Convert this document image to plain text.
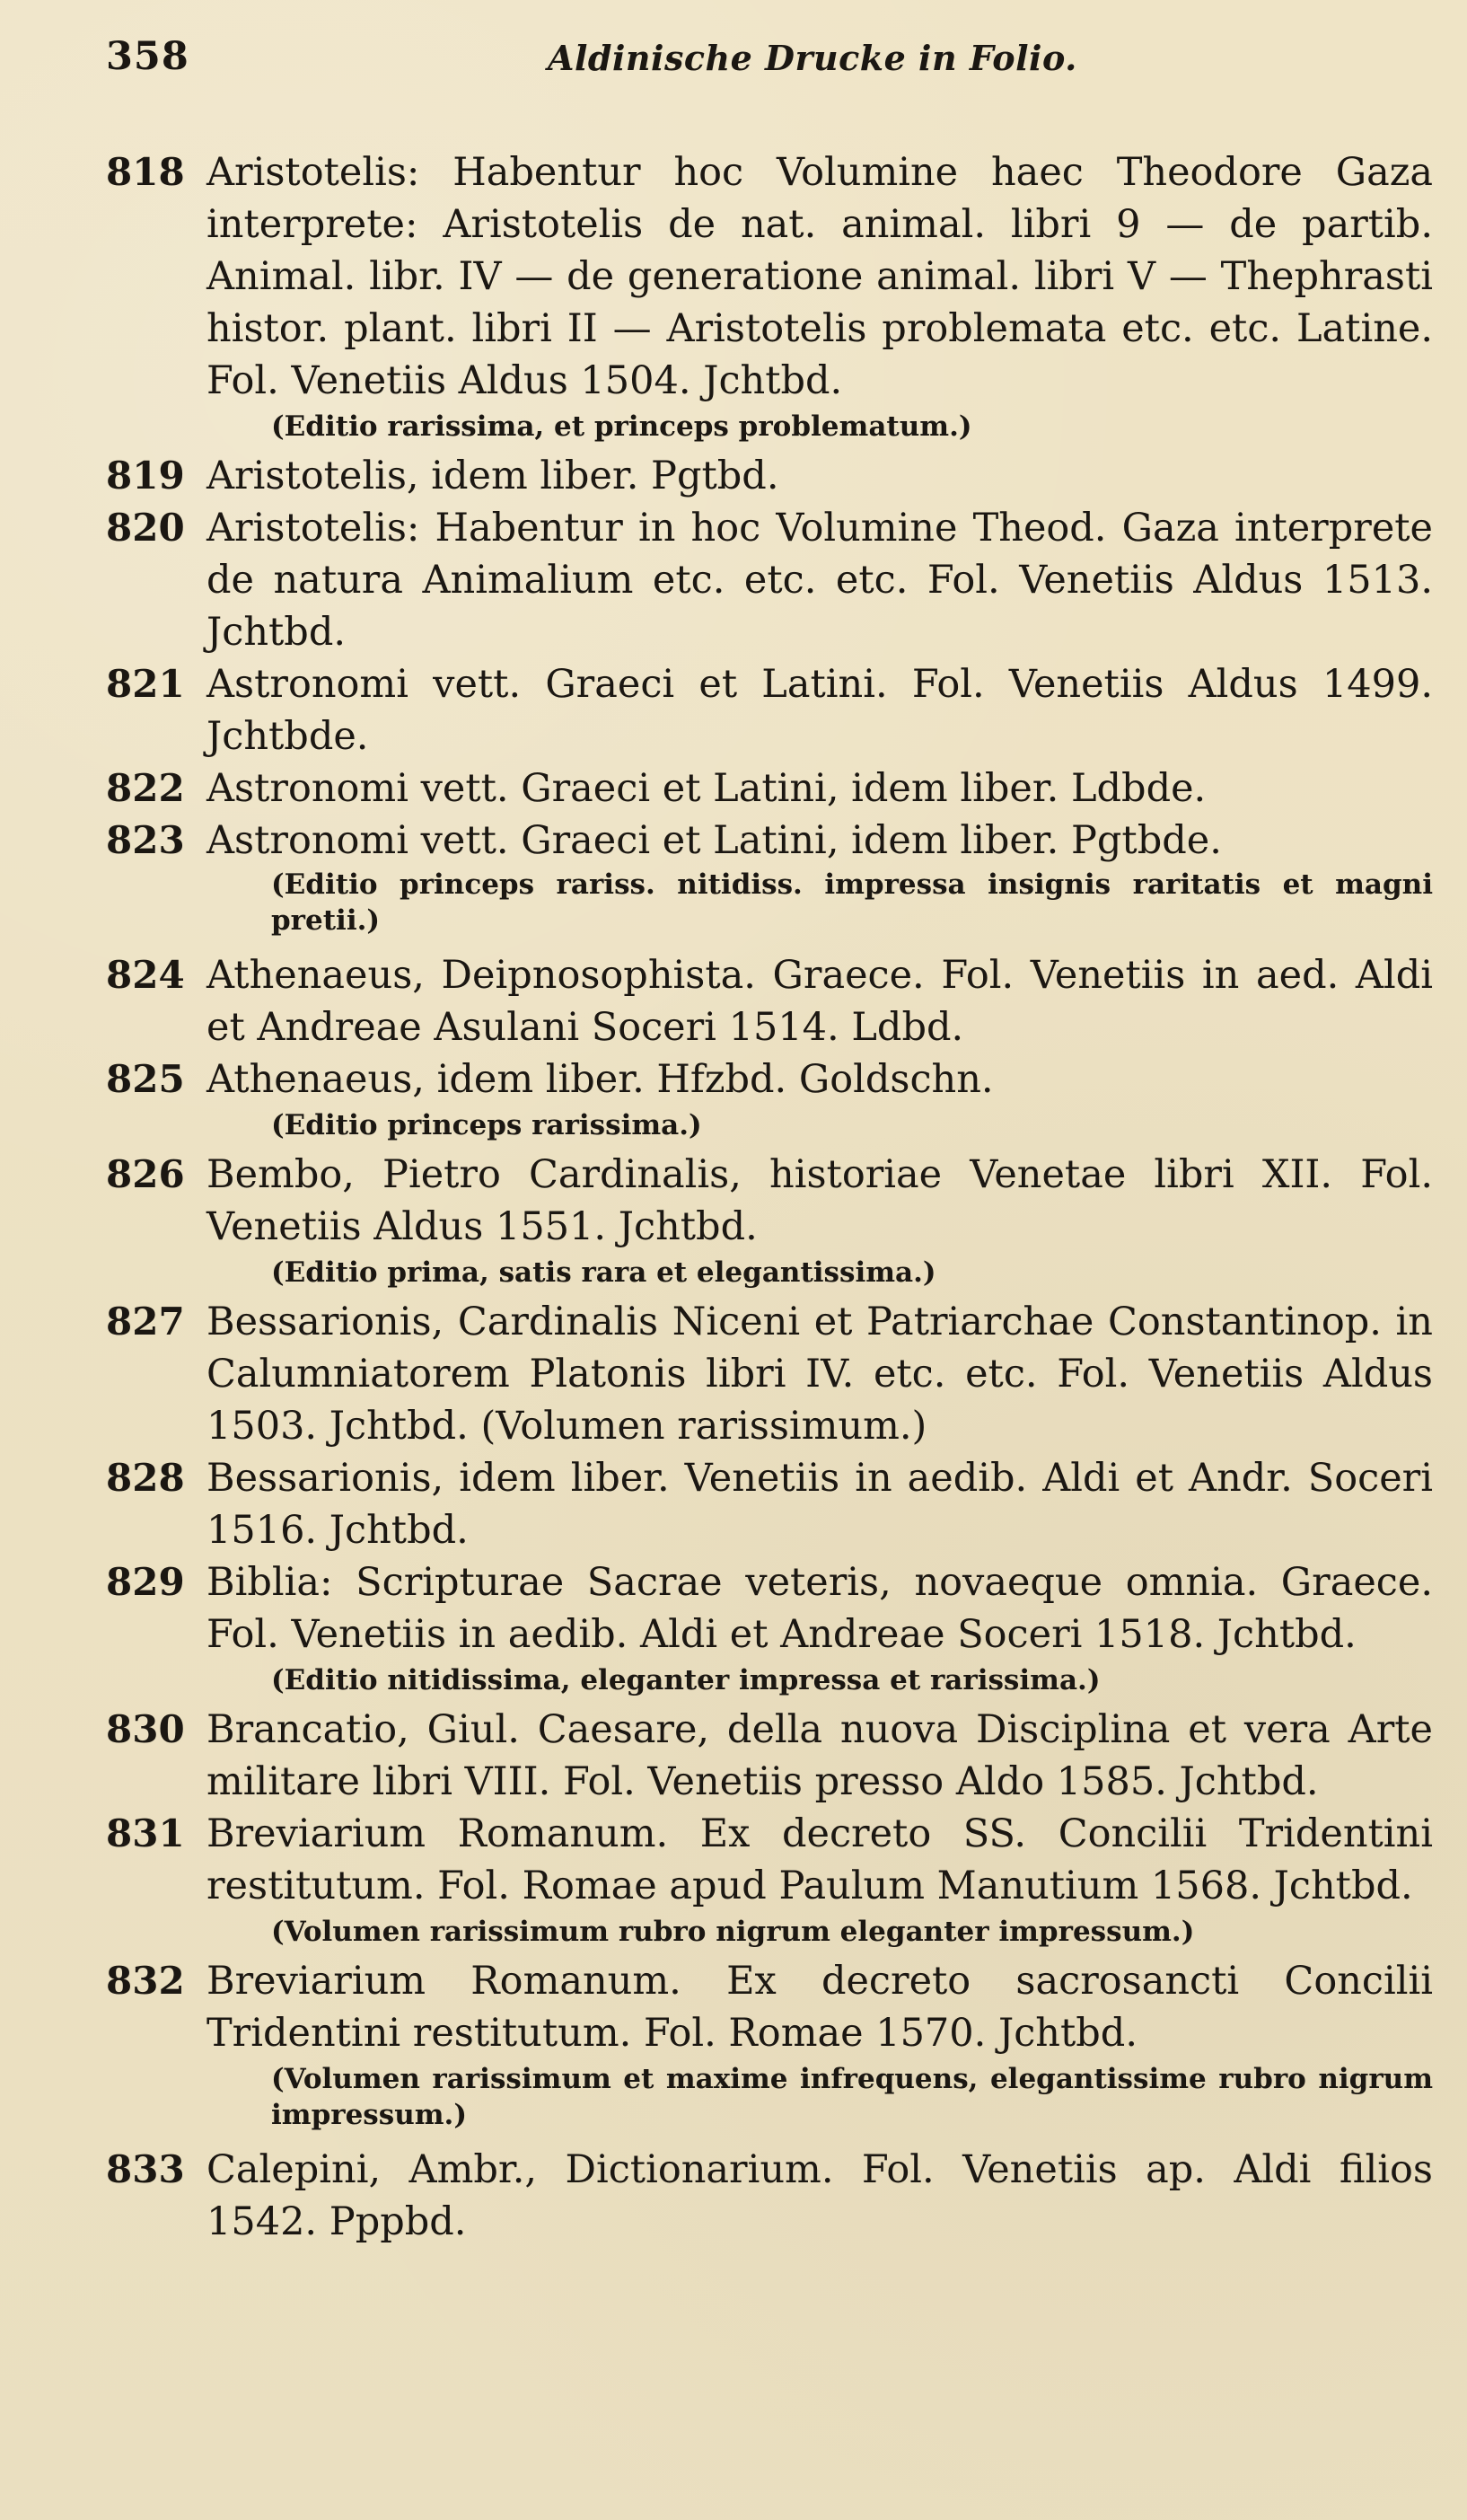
358	Aldinische Drucke in Folio.
818 Aristotelis: Habentur hoc Volumine haec Theodore Gaza interprete: Aristotelis de nat. animal. libri 9 — de partib. Animal. libr. IV — de generatione animal. libri V — Thephrasti histor. plant. libri II — Aristotelis problemata etc. etc. Latine. Fol. Venetiis Aldus 1504. Jchtbd.
(Editio rarissima, et princeps problematum.)
819 Aristotelis, idem liber. Pgtbd.
820 Aristotelis: Habentur in hoc Volumine Theod. Gaza interprete de natura Animalium etc. etc. etc. Fol. Venetiis Aldus 1513. Jchtbd.
821 Astronomi vett. Graeci et Latini. Fol. Venetiis Aldus 1499. Jchtbde.
822 Astronomi vett. Graeci et Latini, idem liber. Ldbde.
823 Astronomi vett. Graeci et Latini, idem liber. Pgtbde.
(Editio princeps rariss. nitidiss. impressa insignis raritatis et magni pretii.)
824 Athenaeus, Deipnosophista. Graece. Fol. Venetiis in aed. Aldi et Andreae Asulani Soceri 1514. Ldbd.
825 Athenaeus, idem liber. Hfzbd. Goldschn.
(Editio princeps rarissima.)
826 Bembo, Pietro Cardinalis, historiae Venetae libri XII. Fol. Venetiis Aldus 1551. Jchtbd.
(Editio prima, satis rara et elegantissima.)
827 Bessarionis, Cardinalis Niceni et Patriarchae Constantinop. in Calumniatorem Platonis libri IV. etc. etc. Fol. Venetiis Aldus 1503. Jchtbd. (Volumen rarissimum.)
828 Bessarionis, idem liber. Venetiis in aedib. Aldi et Andr. Soceri 1516. Jchtbd.
829 Biblia: Scripturae Sacrae veteris, novaeque omnia. Graece. Fol. Venetiis in aedib. Aldi et Andreae Soceri 1518. Jchtbd.
(Editio nitidissima, eleganter impressa et rarissima.)
830 Brancatio, Giul. Caesare, della nuova Disciplina et vera Arte militare libri VIII. Fol. Venetiis presso Aldo 1585. Jchtbd.
831 Breviarium Romanum. Ex decreto SS. Concilii Tridentini restitutum. Fol. Romae apud Paulum Manutium 1568. Jchtbd.
(Volumen rarissimum rubro nigrum eleganter impressum.)
832 Breviarium Romanum. Ex decreto sacrosancti Concilii Tridentini restitutum. Fol. Romae 1570. Jchtbd.
(Volumen rarissimum et maxime infrequens, elegantissime rubro nigrum impressum.)
833 Calepini, Ambr., Dictionarium. Fol. Venetiis ap. Aldi filios 1542. Pppbd.
